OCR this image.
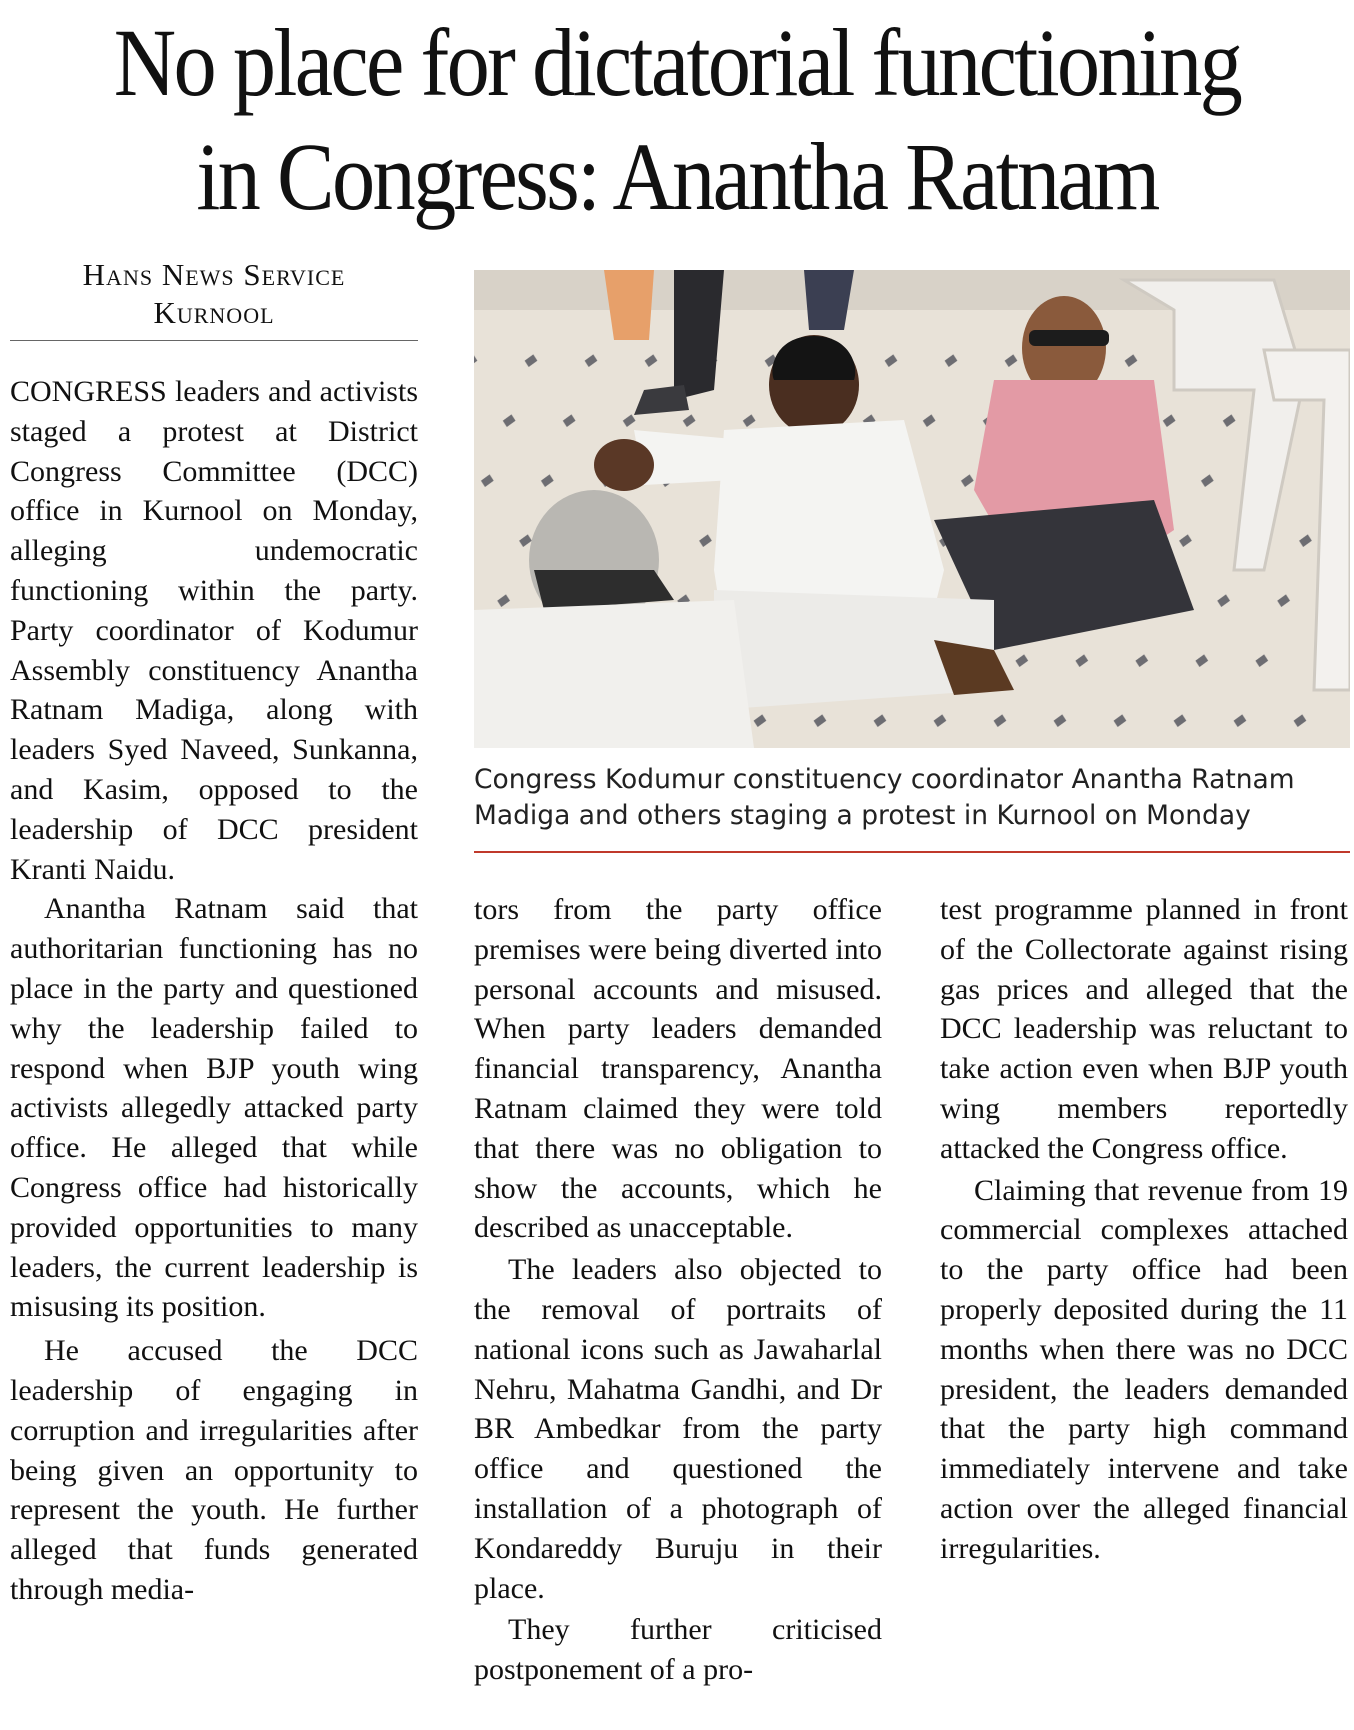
No place for dictatorial functioning
in Congress: Anantha Ratnam
Hans News Service
Kurnool

CONGRESS leaders and activists staged a protest at District Congress Committee (DCC) office in Kurnool on Monday, alleging undemocratic functioning within the party. Party coordinator of Kodumur Assembly constituency Anantha Ratnam Madiga, along with leaders Syed Naveed, Sunkanna, and Kasim, opposed to the leadership of DCC president Kranti Naidu.

Anantha Ratnam said that authoritarian functioning has no place in the party and questioned why the leadership failed to respond when BJP youth wing activists allegedly attacked party office. He alleged that while Congress office had historically provided opportunities to many leaders, the current leadership is misusing its position.

He accused the DCC leadership of engaging in corruption and irregularities after being given an opportunity to represent the youth. He further alleged that funds generated through media-

Congress Kodumur constituency coordinator Anantha Ratnam Madiga and others staging a protest in Kurnool on Monday

tors from the party office premises were being diverted into personal accounts and misused. When party leaders demanded financial transparency, Anantha Ratnam claimed they were told that there was no obligation to show the accounts, which he described as unacceptable.

The leaders also objected to the removal of portraits of national icons such as Jawaharlal Nehru, Mahatma Gandhi, and Dr BR Ambedkar from the party office and questioned the installation of a photograph of Kondareddy Buruju in their place.

They further criticised postponement of a pro-

test programme planned in front of the Collectorate against rising gas prices and alleged that the DCC leadership was reluctant to take action even when BJP youth wing members reportedly attacked the Congress office.

Claiming that revenue from 19 commercial complexes attached to the party office had been properly deposited during the 11 months when there was no DCC president, the leaders demanded that the party high command immediately intervene and take action over the alleged financial irregularities.
